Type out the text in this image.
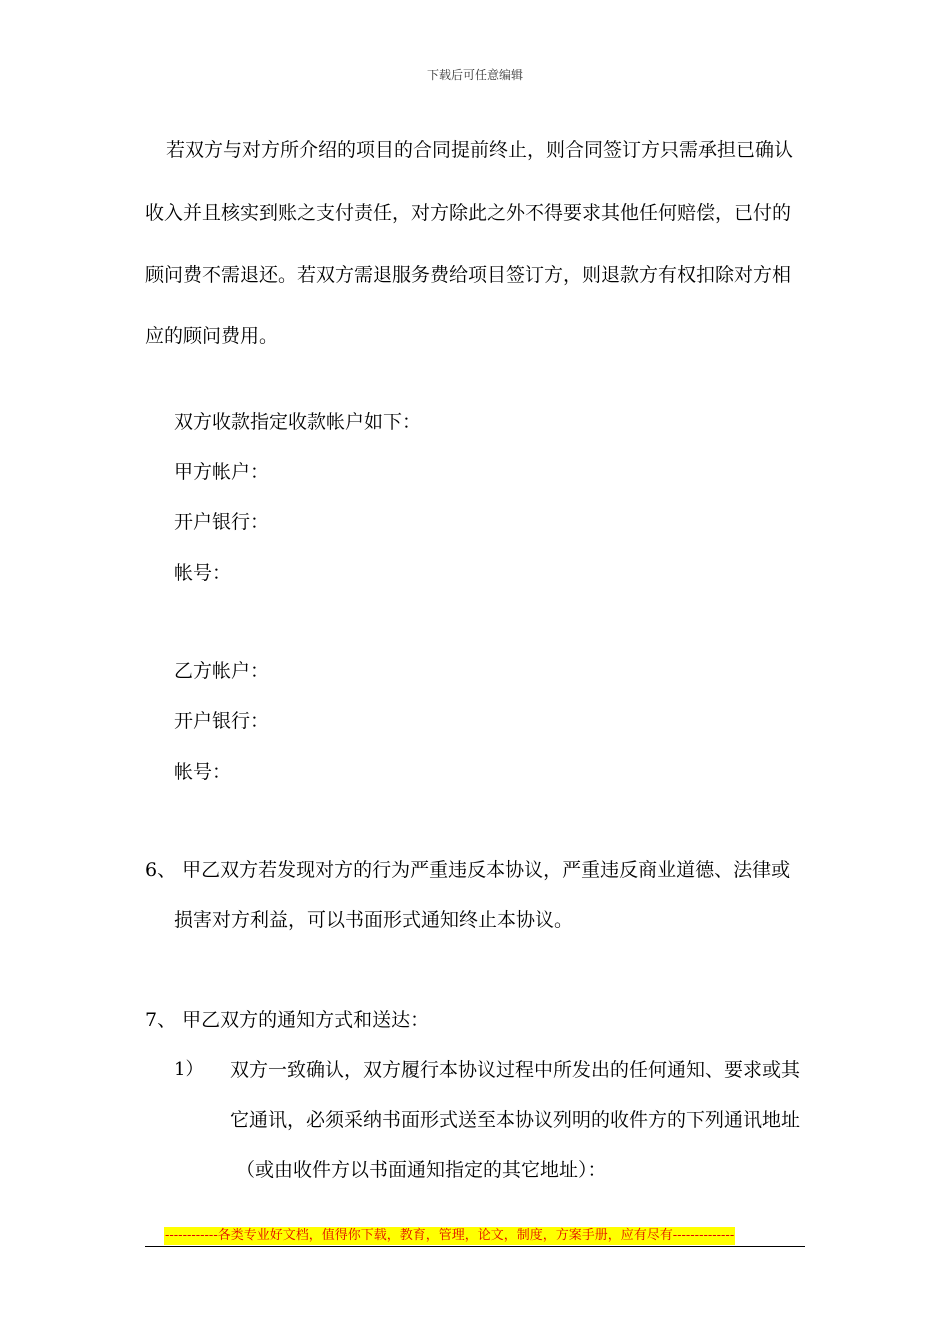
下载后可任意编辑
若双方与对方所介绍的项目的合同提前终止，则合同签订方只需承担已确认
收入并且核实到账之支付责任，对方除此之外不得要求其他任何赔偿，已付的
顾问费不需退还。若双方需退服务费给项目签订方，则退款方有权扣除对方相
应的顾问费用。
双方收款指定收款帐户如下：
甲方帐户：
开户银行：
帐号：
乙方帐户：
开户银行：
帐号：
6、 甲乙双方若发现对方的行为严重违反本协议，严重违反商业道德、法律或
损害对方利益，可以书面形式通知终止本协议。
7、 甲乙双方的通知方式和送达：
1） 双方一致确认，双方履行本协议过程中所发出的任何通知、要求或其
它通讯，必须采纳书面形式送至本协议列明的收件方的下列通讯地址
（或由收件方以书面通知指定的其它地址）：
------------各类专业好文档，值得你下载，教育，管理，论文，制度，方案手册，应有尽有--------------
